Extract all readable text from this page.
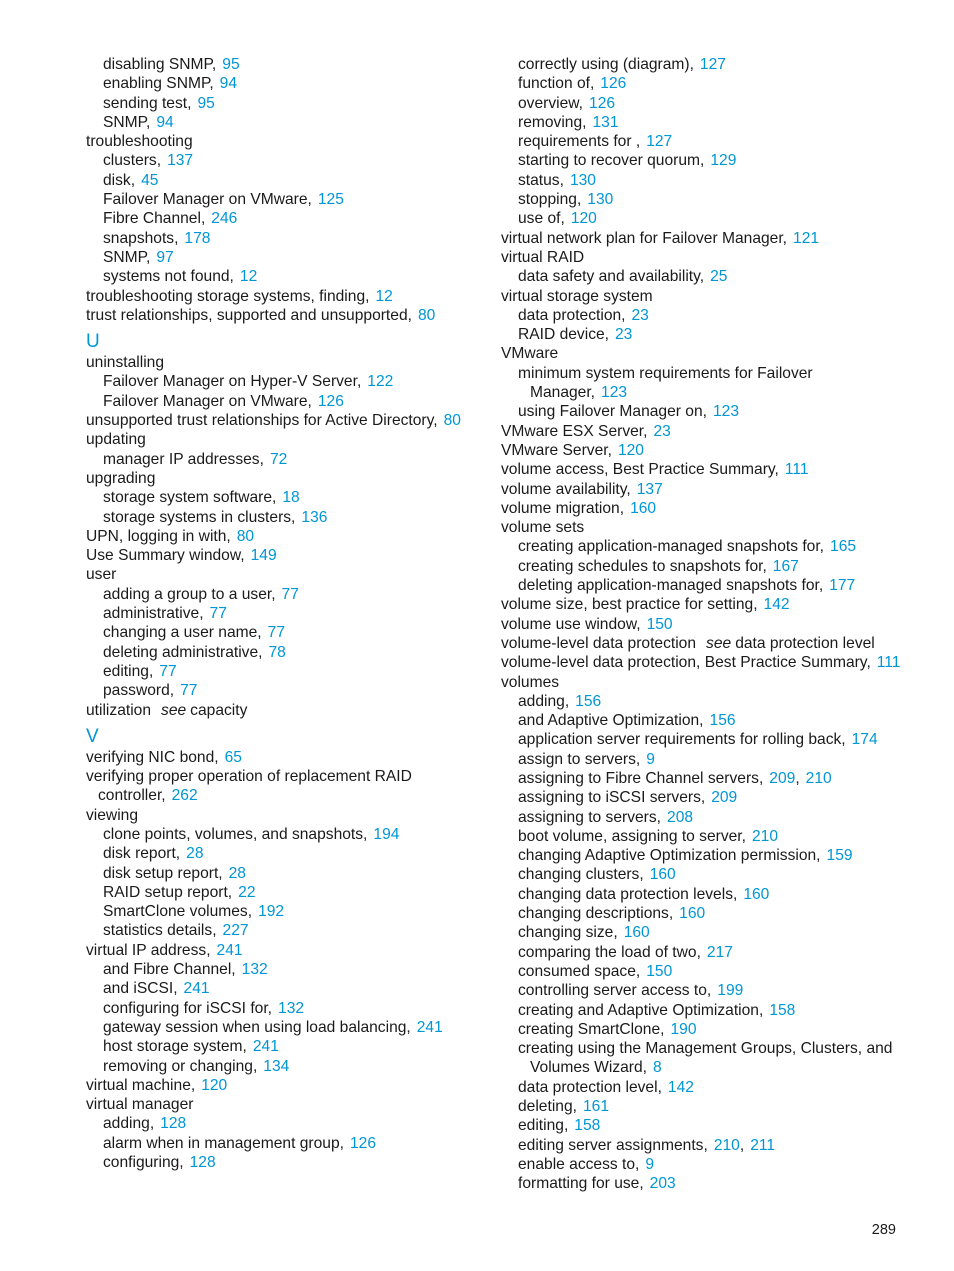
disabling SNMP, 95
enabling SNMP, 94
sending test, 95
SNMP, 94
troubleshooting
clusters, 137
disk, 45
Failover Manager on VMware, 125
Fibre Channel, 246
snapshots, 178
SNMP, 97
systems not found, 12
troubleshooting storage systems, finding, 12
trust relationships, supported and unsupported, 80
U
uninstalling
Failover Manager on Hyper-V Server, 122
Failover Manager on VMware, 126
unsupported trust relationships for Active Directory, 80
updating
manager IP addresses, 72
upgrading
storage system software, 18
storage systems in clusters, 136
UPN, logging in with, 80
Use Summary window, 149
user
adding a group to a user, 77
administrative, 77
changing a user name, 77
deleting administrative, 78
editing, 77
password, 77
utilization see capacity
V
verifying NIC bond, 65
verifying proper operation of replacement RAID controller, 262
viewing
clone points, volumes, and snapshots, 194
disk report, 28
disk setup report, 28
RAID setup report, 22
SmartClone volumes, 192
statistics details, 227
virtual IP address, 241
and Fibre Channel, 132
and iSCSI, 241
configuring for iSCSI for, 132
gateway session when using load balancing, 241
host storage system, 241
removing or changing, 134
virtual machine, 120
virtual manager
adding, 128
alarm when in management group, 126
configuring, 128
correctly using (diagram), 127
function of, 126
overview, 126
removing, 131
requirements for , 127
starting to recover quorum, 129
status, 130
stopping, 130
use of, 120
virtual network plan for Failover Manager, 121
virtual RAID
data safety and availability, 25
virtual storage system
data protection, 23
RAID device, 23
VMware
minimum system requirements for Failover Manager, 123
using Failover Manager on, 123
VMware ESX Server, 23
VMware Server, 120
volume access, Best Practice Summary, 111
volume availability, 137
volume migration, 160
volume sets
creating application-managed snapshots for, 165
creating schedules to snapshots for, 167
deleting application-managed snapshots for, 177
volume size, best practice for setting, 142
volume use window, 150
volume-level data protection see data protection level
volume-level data protection, Best Practice Summary, 111
volumes
adding, 156
and Adaptive Optimization, 156
application server requirements for rolling back, 174
assign to servers, 9
assigning to Fibre Channel servers, 209, 210
assigning to iSCSI servers, 209
assigning to servers, 208
boot volume, assigning to server, 210
changing Adaptive Optimization permission, 159
changing clusters, 160
changing data protection levels, 160
changing descriptions, 160
changing size, 160
comparing the load of two, 217
consumed space, 150
controlling server access to, 199
creating and Adaptive Optimization, 158
creating SmartClone, 190
creating using the Management Groups, Clusters, and Volumes Wizard, 8
data protection level, 142
deleting, 161
editing, 158
editing server assignments, 210, 211
enable access to, 9
formatting for use, 203
289
